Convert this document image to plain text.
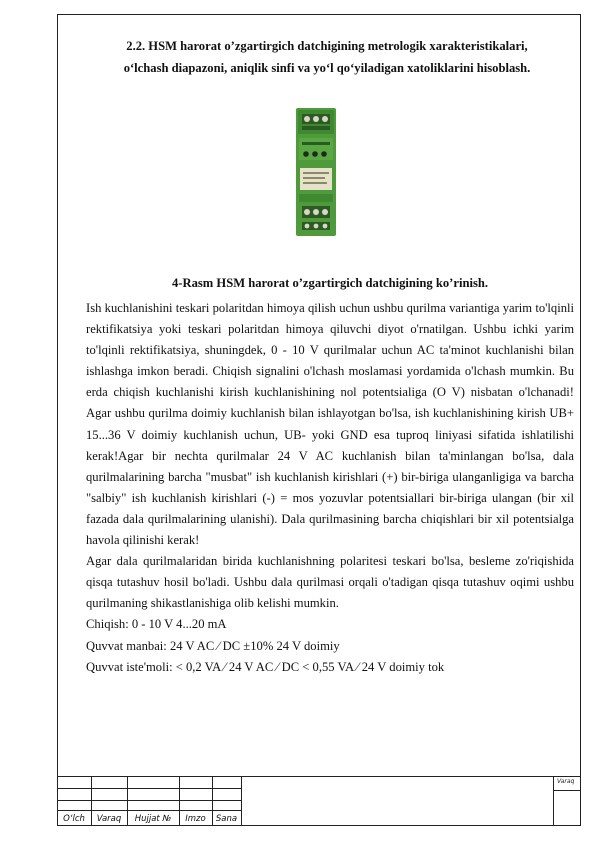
2.2. HSM harorat o’zgartirgich datchigining metrologik xarakteristikalari,
o‘lchash diapazoni, aniqlik sinfi va yo‘l qo‘yiladigan xatoliklarini hisoblash.
4-Rasm HSM harorat o’zgartirgich datchigining ko’rinish.

Ish kuchlanishini teskari polaritdan himoya qilish uchun ushbu qurilma variantiga yarim to'lqinli rektifikatsiya yoki teskari polaritdan himoya qiluvchi diyot o'rnatilgan. Ushbu ichki yarim to'lqinli rektifikatsiya, shuningdek, 0 - 10 V qurilmalar uchun AC ta'minot kuchlanishi bilan ishlashga imkon beradi. Chiqish signalini o'lchash moslamasi yordamida o'lchash mumkin. Bu erda chiqish kuchlanishi kirish kuchlanishining nol potentsialiga (O V) nisbatan o'lchanadi! Agar ushbu qurilma doimiy kuchlanish bilan ishlayotgan bo'lsa, ish kuchlanishining kirish UB+ 15...36 V doimiy kuchlanish uchun, UB- yoki GND esa tuproq liniyasi sifatida ishlatilishi kerak!Agar bir nechta qurilmalar 24 V AC kuchlanish bilan ta'minlangan bo'lsa, dala qurilmalarining barcha "musbat" ish kuchlanish kirishlari (+) bir-biriga ulanganligiga va barcha "salbiy" ish kuchlanish kirishlari (-) = mos yozuvlar potentsiallari bir-biriga ulangan (bir xil fazada dala qurilmalarining ulanishi). Dala qurilmasining barcha chiqishlari bir xil potentsialga havola qilinishi kerak!

Agar dala qurilmalaridan birida kuchlanishning polaritesi teskari bo'lsa, besleme zo'riqishida qisqa tutashuv hosil bo'ladi. Ushbu dala qurilmasi orqali o'tadigan qisqa tutashuv oqimi ushbu qurilmaning shikastlanishiga olib kelishi mumkin.

Chiqish: 0 - 10 V 4...20 mA
Quvvat manbai: 24 V AC ⁄ DC ±10% 24 V doimiy
Quvvat iste'moli: < 0,2 VA ⁄ 24 V AC ⁄ DC < 0,55 VA ⁄ 24 V doimiy tok
O‘lch	Varaq	Hujjat №	Imzo	Sana
Varaq
